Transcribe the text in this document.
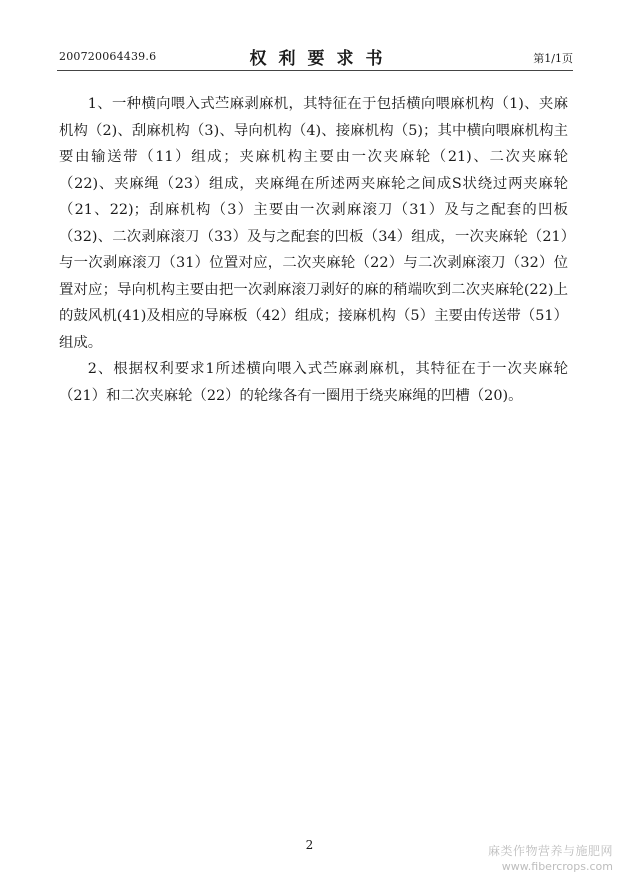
200720064439.6	权利要求书	第1/1页

1、一种横向喂入式苎麻剥麻机，其特征在于包括横向喂麻机构（1)、夹麻机构（2)、刮麻机构（3)、导向机构（4)、接麻机构（5)；其中横向喂麻机构主要由输送带（11）组成；夹麻机构主要由一次夹麻轮（21)、二次夹麻轮（22)、夹麻绳（23）组成，夹麻绳在所述两夹麻轮之间成S状绕过两夹麻轮（21、22)；刮麻机构（3）主要由一次剥麻滚刀（31）及与之配套的凹板（32)、二次剥麻滚刀（33）及与之配套的凹板（34）组成，一次夹麻轮（21）与一次剥麻滚刀（31）位置对应，二次夹麻轮（22）与二次剥麻滚刀（32）位置对应；导向机构主要由把一次剥麻滚刀剥好的麻的稍端吹到二次夹麻轮(22)上的鼓风机(41)及相应的导麻板（42）组成；接麻机构（5）主要由传送带（51）组成。

2、根据权利要求1所述横向喂入式苎麻剥麻机，其特征在于一次夹麻轮（21）和二次夹麻轮（22）的轮缘各有一圈用于绕夹麻绳的凹槽（20)。

2	麻类作物营养与施肥网
www.fibercrops.com
